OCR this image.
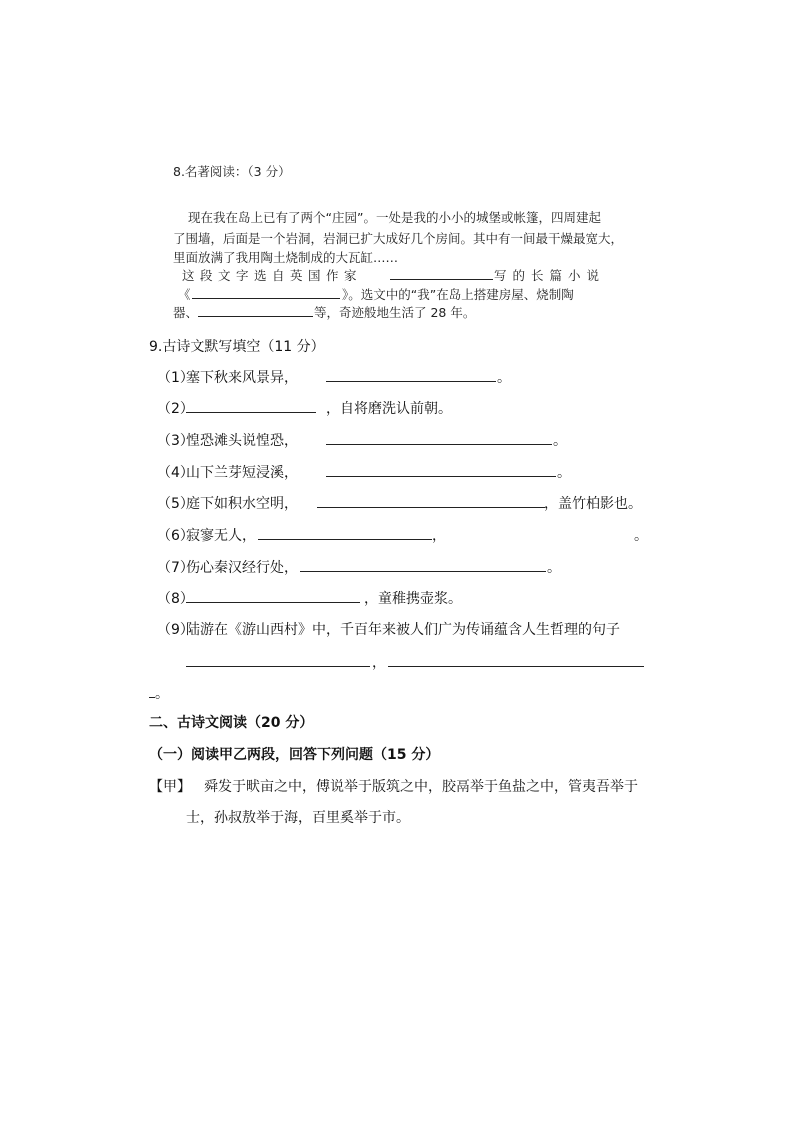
8.名著阅读：（3 分）
现在我在岛上已有了两个“庄园”。一处是我的小小的城堡或帐篷，四周建起
了围墙，后面是一个岩洞，岩洞已扩大成好几个房间。其中有一间最干燥最宽大，
里面放满了我用陶土烧制成的大瓦缸……
这段文字选自英国作家	写的长篇小说
《	》。选文中的“我”在岛上搭建房屋、烧制陶
器、	等，奇迹般地生活了 28 年。
9.古诗文默写填空（11 分）
（1）
塞下秋来风景异，	。
（2）	，自将磨洗认前朝。
（3）
惶恐滩头说惶恐，	。
（4）
山下兰芽短浸溪，	。
（5）
庭下如积水空明，	，盖竹柏影也。
（6）
寂寥无人，	，	。
（7）
伤心秦汉经行处，	。
（8）	，童稚携壶浆。
（9）
陆游在《游山西村》中，千百年来被人们广为传诵蕴含人生哲理的句子
，
。
二、古诗文阅读（20 分）
（一）阅读甲乙两段，回答下列问题（15 分）
【甲】 舜发于畎亩之中，傅说举于版筑之中，胶鬲举于鱼盐之中，管夷吾举于
士，孙叔敖举于海，百里奚举于市。
